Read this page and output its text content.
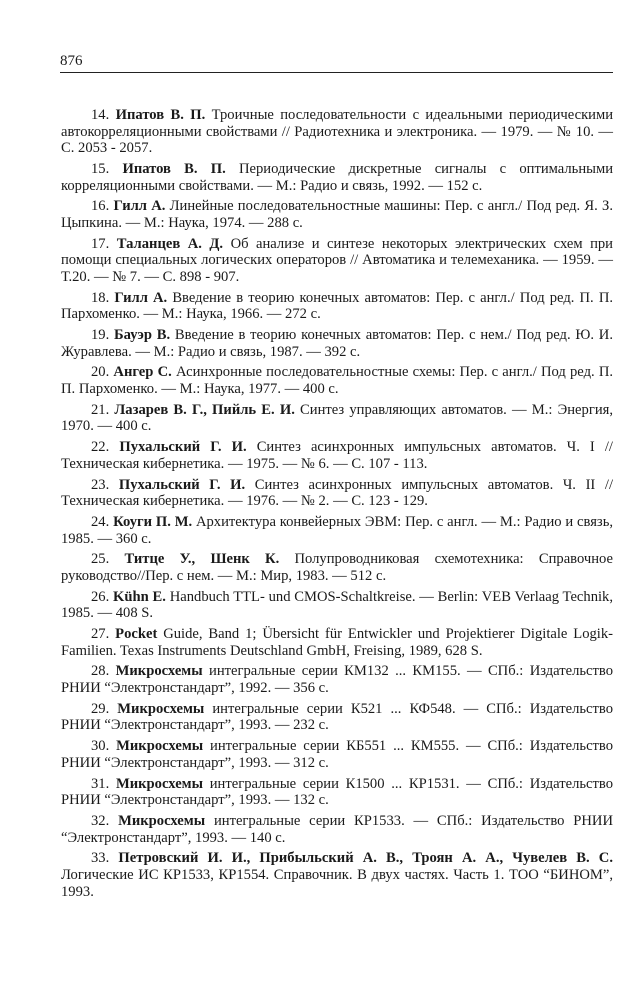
876

14. Ипатов В. П. Троичные последовательности с идеальными периодическими автокорреляционными свойствами // Радиотехника и электроника. — 1979. — № 10. — С. 2053 - 2057.

15. Ипатов В. П. Периодические дискретные сигналы с оптимальными корреляционными свойствами. — М.: Радио и связь, 1992. — 152 с.

16. Гилл А. Линейные последовательностные машины: Пер. с англ./ Под ред. Я. З. Цыпкина. — М.: Наука, 1974. — 288 с.

17. Таланцев А. Д. Об анализе и синтезе некоторых электрических схем при помощи специальных логических операторов // Автоматика и телемеханика. — 1959. — Т.20. — № 7. — С. 898 - 907.

18. Гилл А. Введение в теорию конечных автоматов: Пер. с англ./ Под ред. П. П. Пархоменко. — М.: Наука, 1966. — 272 с.

19. Бауэр В. Введение в теорию конечных автоматов: Пер. с нем./ Под ред. Ю. И. Журавлева. — М.: Радио и связь, 1987. — 392 с.

20. Ангер С. Асинхронные последовательностные схемы: Пер. с англ./ Под ред. П. П. Пархоменко. — М.: Наука, 1977. — 400 с.

21. Лазарев В. Г., Пийль Е. И. Синтез управляющих автоматов. — М.: Энергия, 1970. — 400 с.

22. Пухальский Г. И. Синтез асинхронных импульсных автоматов. Ч. I // Техническая кибернетика. — 1975. — № 6. — С. 107 - 113.

23. Пухальский Г. И. Синтез асинхронных импульсных автоматов. Ч. II // Техническая кибернетика. — 1976. — № 2. — С. 123 - 129.

24. Коуги П. М. Архитектура конвейерных ЭВМ: Пер. с англ. — М.: Радио и связь, 1985. — 360 с.

25. Титце У., Шенк К. Полупроводниковая схемотехника: Справочное руководство//Пер. с нем. — М.: Мир, 1983. — 512 с.

26. Kühn E. Handbuch TTL- und CMOS-Schaltkreise. — Berlin: VEB Verlaag Technik, 1985. — 408 S.

27. Pocket Guide, Band 1; Übersicht für Entwickler und Projektierer Digitale Logik-Familien. Texas Instruments Deutschland GmbH, Freising, 1989, 628 S.

28. Микросхемы интегральные серии КМ132 ... КМ155. — СПб.: Издательство РНИИ “Электронстандарт”, 1992. — 356 с.

29. Микросхемы интегральные серии К521 ... КФ548. — СПб.: Издательство РНИИ “Электронстандарт”, 1993. — 232 с.

30. Микросхемы интегральные серии КБ551 ... КМ555. — СПб.: Издательство РНИИ “Электронстандарт”, 1993. — 312 с.

31. Микросхемы интегральные серии К1500 ... КР1531. — СПб.: Издательство РНИИ “Электронстандарт”, 1993. — 132 с.

32. Микросхемы интегральные серии КР1533. — СПб.: Издательство РНИИ “Электронстандарт”, 1993. — 140 с.

33. Петровский И. И., Прибыльский А. В., Троян А. А., Чувелев В. С. Логические ИС КР1533, КР1554. Справочник. В двух частях. Часть 1. ТОО “БИНОМ”, 1993.
